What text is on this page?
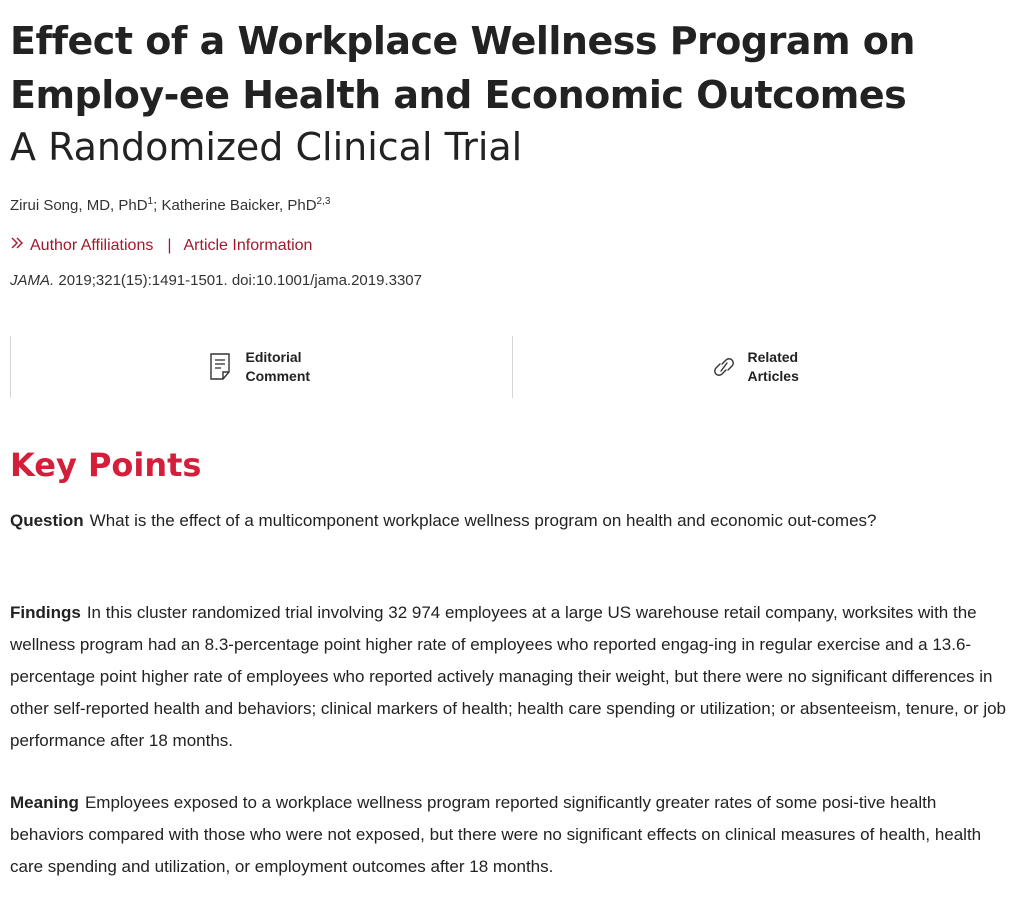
Effect of a Workplace Wellness Program on Employ-ee Health and Economic Outcomes
A Randomized Clinical Trial
Zirui Song, MD, PhD$^1$; Katherine Baicker, PhD$^{2,3}$
Author Affiliations | Article Information
JAMA. 2019;321(15):1491-1501. doi:10.1001/jama.2019.3307
Editorial
Comment
Related
Articles
Key Points

Question What is the effect of a multicomponent workplace wellness program on health and economic out-comes?

Findings In this cluster randomized trial involving 32 974 employees at a large US warehouse retail company, worksites with the wellness program had an 8.3-percentage point higher rate of employees who reported engag-ing in regular exercise and a 13.6-percentage point higher rate of employees who reported actively managing their weight, but there were no significant differences in other self-reported health and behaviors; clinical markers of health; health care spending or utilization; or absenteeism, tenure, or job performance after 18 months.

Meaning Employees exposed to a workplace wellness program reported significantly greater rates of some posi-tive health behaviors compared with those who were not exposed, but there were no significant effects on clinical measures of health, health care spending and utilization, or employment outcomes after 18 months.
